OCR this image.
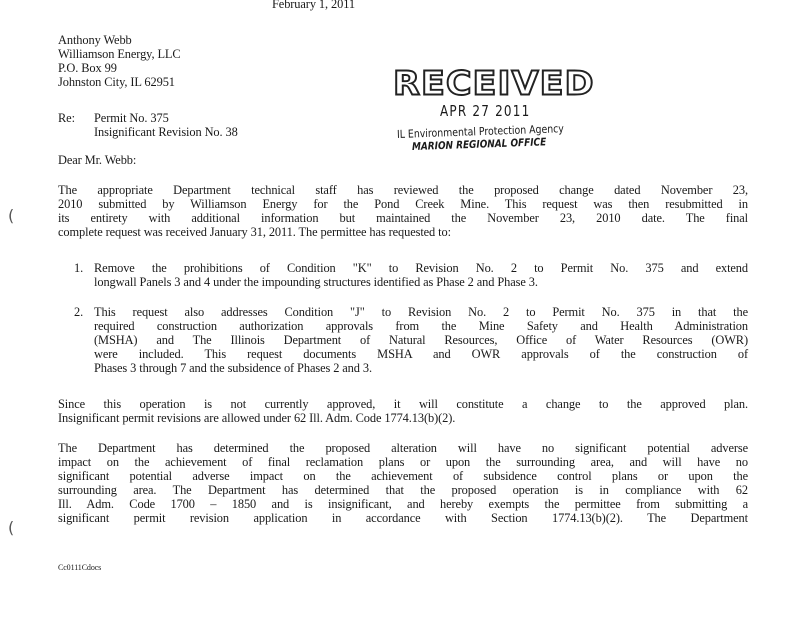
February 1, 2011
Anthony Webb
Williamson Energy, LLC
P.O. Box 99
Johnston City, IL 62951
Re: Permit No. 375
Insignificant Revision No. 38
Dear Mr. Webb:
The appropriate Department technical staff has reviewed the proposed change dated November 23,
2010 submitted by Williamson Energy for the Pond Creek Mine. This request was then resubmitted in
its entirety with additional information but maintained the November 23, 2010 date. The final
complete request was received January 31, 2011. The permittee has requested to:
1. Remove the prohibitions of Condition "K" to Revision No. 2 to Permit No. 375 and extend
longwall Panels 3 and 4 under the impounding structures identified as Phase 2 and Phase 3.
2. This request also addresses Condition "J" to Revision No. 2 to Permit No. 375 in that the
required construction authorization approvals from the Mine Safety and Health Administration
(MSHA) and The Illinois Department of Natural Resources, Office of Water Resources (OWR)
were included. This request documents MSHA and OWR approvals of the construction of
Phases 3 through 7 and the subsidence of Phases 2 and 3.
Since this operation is not currently approved, it will constitute a change to the approved plan.
Insignificant permit revisions are allowed under 62 Ill. Adm. Code 1774.13(b)(2).
The Department has determined the proposed alteration will have no significant potential adverse
impact on the achievement of final reclamation plans or upon the surrounding area, and will have no
significant potential adverse impact on the achievement of subsidence control plans or upon the
surrounding area. The Department has determined that the proposed operation is in compliance with 62
Ill. Adm. Code 1700 – 1850 and is insignificant, and hereby exempts the permittee from submitting a
significant permit revision application in accordance with Section 1774.13(b)(2). The Department
Cc0111Cdocs
RECEIVED
APR 27 2011
IL Environmental Protection Agency
MARION REGIONAL OFFICE
(
(
